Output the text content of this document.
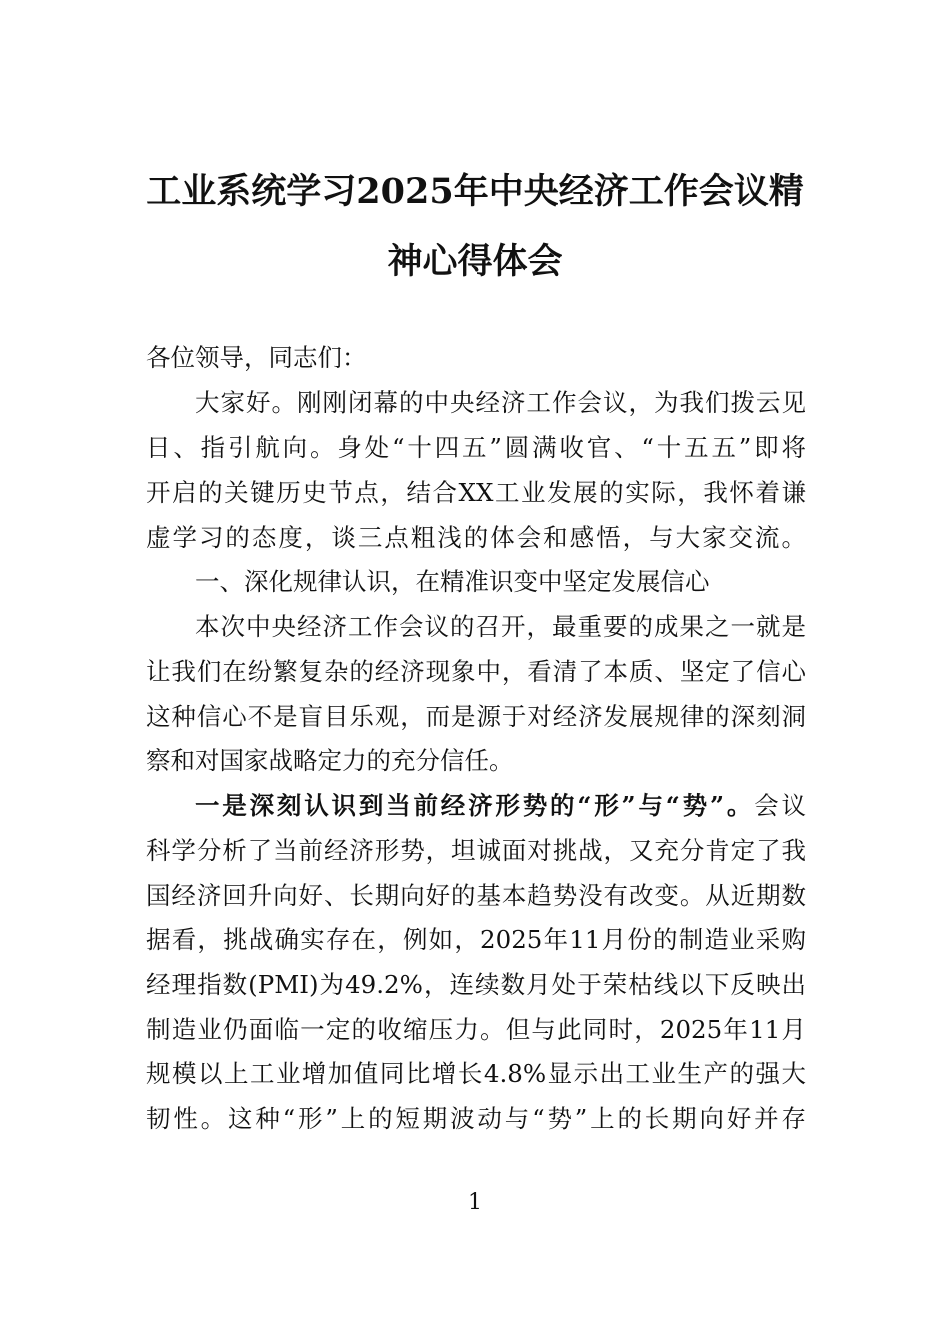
工业系统学习2025年中央经济工作会议精
神心得体会
各位领导，同志们：
大家好。刚刚闭幕的中央经济工作会议，为我们拨云见
日、指引航向。身处“十四五”圆满收官、“十五五”即将
开启的关键历史节点，结合XX工业发展的实际，我怀着谦
虚学习的态度，谈三点粗浅的体会和感悟，与大家交流。
一、深化规律认识，在精准识变中坚定发展信心
本次中央经济工作会议的召开，最重要的成果之一就是
让我们在纷繁复杂的经济现象中，看清了本质、坚定了信心
这种信心不是盲目乐观，而是源于对经济发展规律的深刻洞
察和对国家战略定力的充分信任。
一是深刻认识到当前经济形势的“形”与“势”。会议
科学分析了当前经济形势，坦诚面对挑战，又充分肯定了我
国经济回升向好、长期向好的基本趋势没有改变。从近期数
据看，挑战确实存在，例如，2025年11月份的制造业采购
经理指数(PMI)为49.2%，连续数月处于荣枯线以下反映出
制造业仍面临一定的收缩压力。但与此同时，2025年11月
规模以上工业增加值同比增长4.8%显示出工业生产的强大
韧性。这种“形”上的短期波动与“势”上的长期向好并存
1
